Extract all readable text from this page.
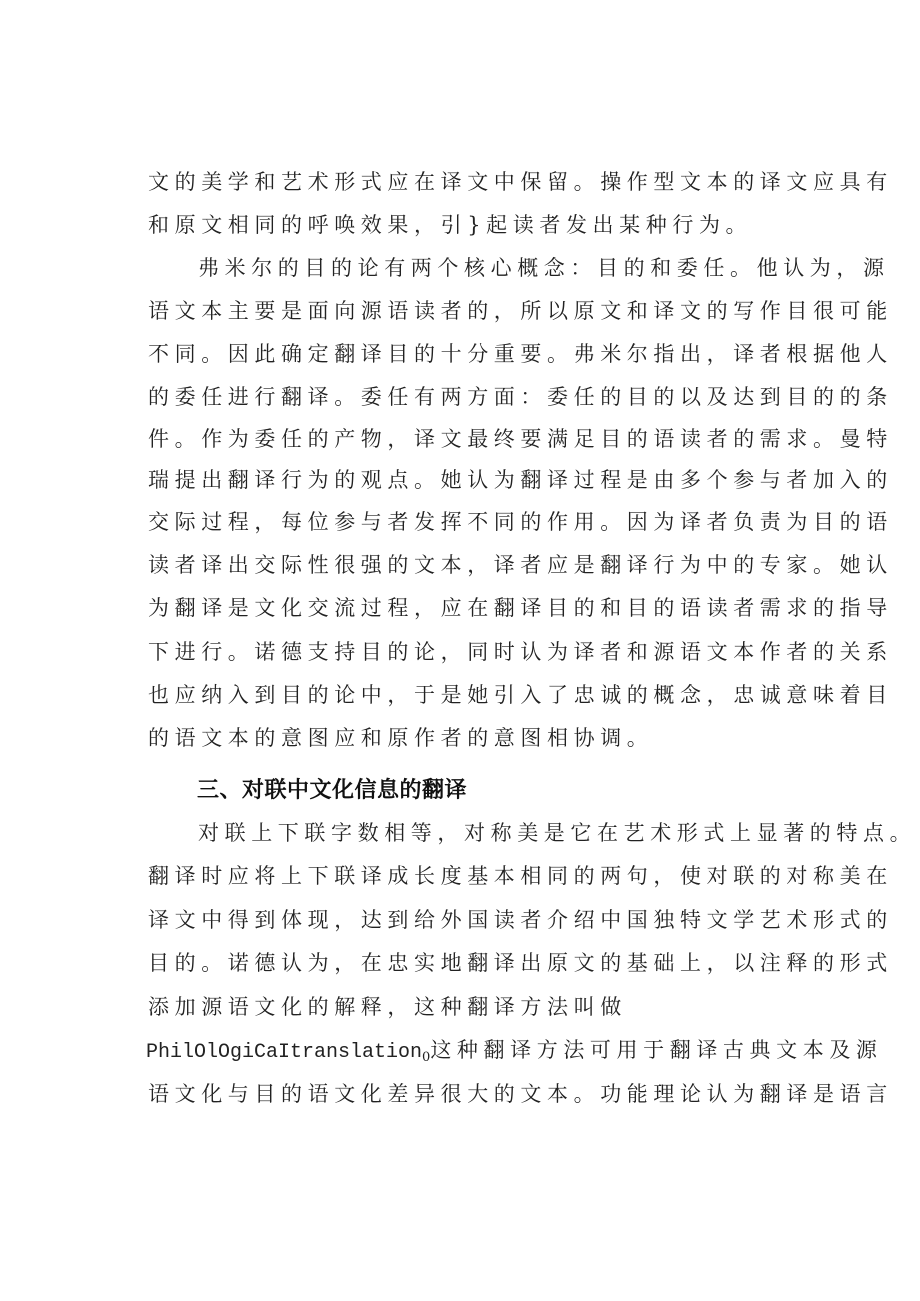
文的美学和艺术形式应在译文中保留。操作型文本的译文应具有
和原文相同的呼唤效果，引}起读者发出某种行为。
弗米尔的目的论有两个核心概念：目的和委任。他认为，源
语文本主要是面向源语读者的，所以原文和译文的写作目很可能
不同。因此确定翻译目的十分重要。弗米尔指出，译者根据他人
的委任进行翻译。委任有两方面：委任的目的以及达到目的的条
件。作为委任的产物，译文最终要满足目的语读者的需求。曼特
瑞提出翻译行为的观点。她认为翻译过程是由多个参与者加入的
交际过程，每位参与者发挥不同的作用。因为译者负责为目的语
读者译出交际性很强的文本，译者应是翻译行为中的专家。她认
为翻译是文化交流过程，应在翻译目的和目的语读者需求的指导
下进行。诺德支持目的论，同时认为译者和源语文本作者的关系
也应纳入到目的论中，于是她引入了忠诚的概念，忠诚意味着目
的语文本的意图应和原作者的意图相协调。
三、对联中文化信息的翻译
对联上下联字数相等，对称美是它在艺术形式上显著的特点。
翻译时应将上下联译成长度基本相同的两句，使对联的对称美在
译文中得到体现，达到给外国读者介绍中国独特文学艺术形式的
目的。诺德认为，在忠实地翻译出原文的基础上，以注释的形式
添加源语文化的解释，这种翻译方法叫做
PhilOlOgiCaItranslation$_0$这种翻译方法可用于翻译古典文本及源
语文化与目的语文化差异很大的文本。功能理论认为翻译是语言
